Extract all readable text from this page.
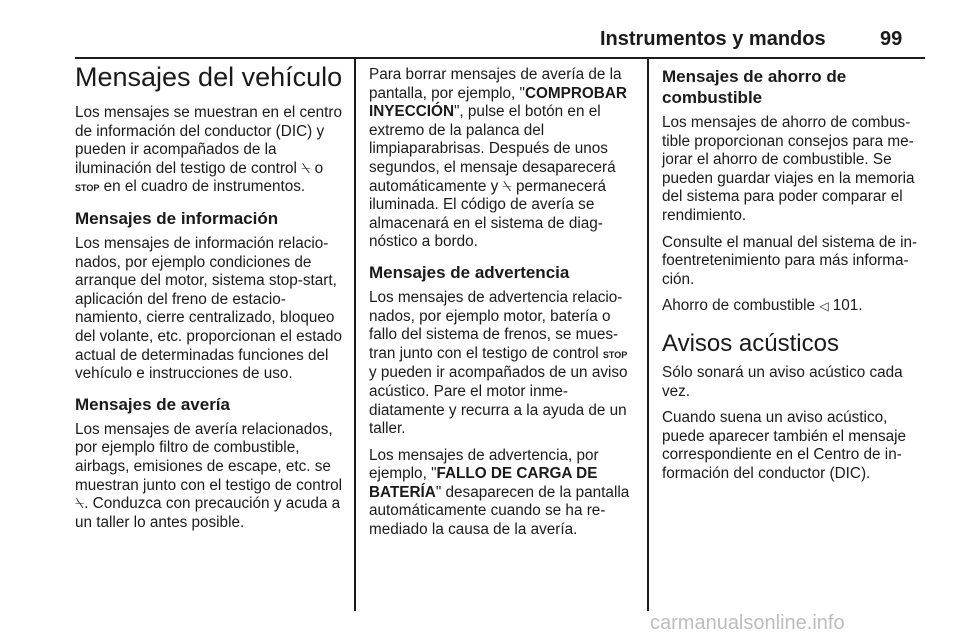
Instrumentos y mandos	99
Mensajes del vehículo

Los mensajes se muestran en el centro de información del conductor (DIC) y pueden ir acompañados de la iluminación del testigo de control ⍀ o
STOP en el cuadro de instrumentos.

Mensajes de información

Los mensajes de información relacionados, por ejemplo condiciones de arranque del motor, sistema stop-start, aplicación del freno de estacionamiento, cierre centralizado, bloqueo del volante, etc. proporcionan el estado actual de determinadas funciones del vehículo e instrucciones de uso.

Mensajes de avería

Los mensajes de avería relacionados, por ejemplo filtro de combustible, airbags, emisiones de escape, etc. se muestran junto con el testigo de control ⍀. Conduzca con precaución y acuda a un taller lo antes posible.

Para borrar mensajes de avería de la pantalla, por ejemplo, "COMPROBAR INYECCIÓN", pulse el botón en el extremo de la palanca del limpiaparabrisas. Después de unos segundos, el mensaje desaparecerá automáticamente y ⍀ permanecerá iluminada. El código de avería se almacenará en el sistema de diagnóstico a bordo.

Mensajes de advertencia

Los mensajes de advertencia relacionados, por ejemplo motor, batería o fallo del sistema de frenos, se muestran junto con el testigo de control STOP y pueden ir acompañados de un aviso acústico. Pare el motor inmediatamente y recurra a la ayuda de un taller.

Los mensajes de advertencia, por ejemplo, "FALLO DE CARGA DE BATERÍA" desaparecen de la pantalla automáticamente cuando se ha remediado la causa de la avería.

Mensajes de ahorro de combustible

Los mensajes de ahorro de combustible proporcionan consejos para mejorar el ahorro de combustible. Se pueden guardar viajes en la memoria del sistema para poder comparar el rendimiento.

Consulte el manual del sistema de infoentretenimiento para más información.

Ahorro de combustible ◁ 101.

Avisos acústicos

Sólo sonará un aviso acústico cada vez.

Cuando suena un aviso acústico, puede aparecer también el mensaje correspondiente en el Centro de información del conductor (DIC).

carmanualsonline.info
